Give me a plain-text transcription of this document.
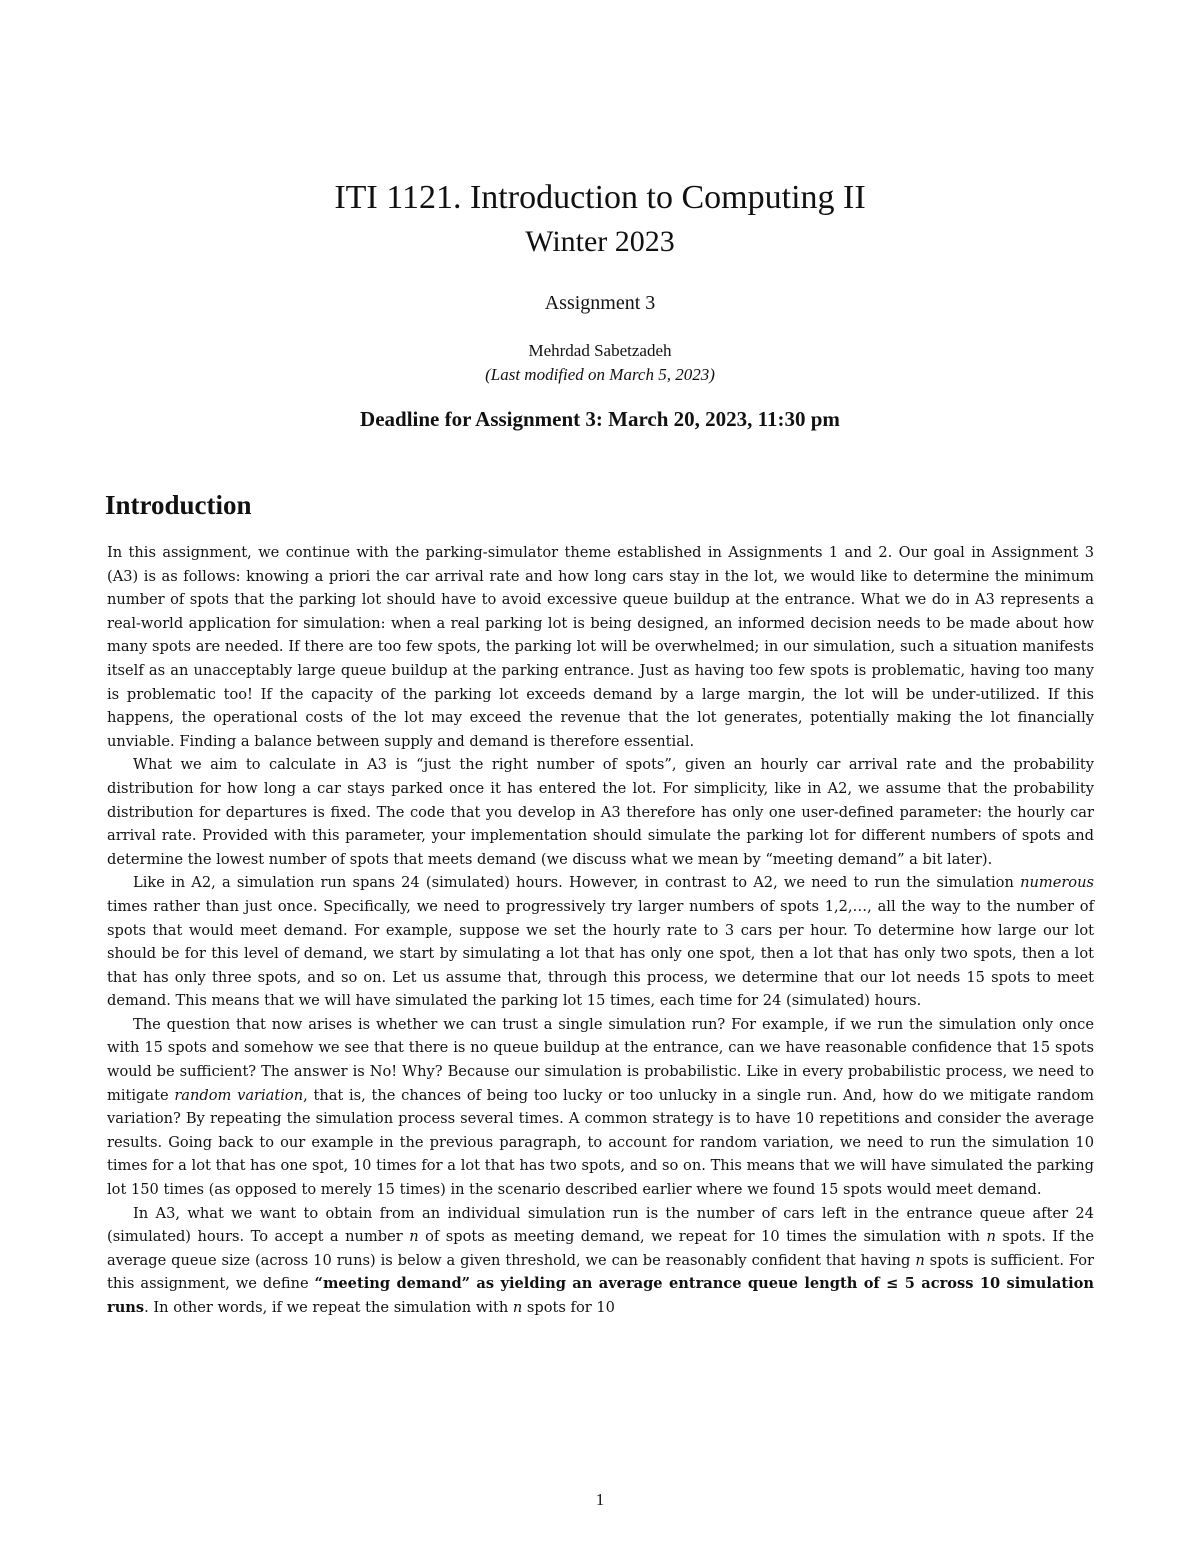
ITI 1121. Introduction to Computing II
Winter 2023
Assignment 3
Mehrdad Sabetzadeh
(Last modified on March 5, 2023)
Deadline for Assignment 3: March 20, 2023, 11:30 pm
Introduction

In this assignment, we continue with the parking-simulator theme established in Assignments 1 and 2. Our goal in Assignment 3 (A3) is as follows: knowing a priori the car arrival rate and how long cars stay in the lot, we would like to determine the minimum number of spots that the parking lot should have to avoid excessive queue buildup at the entrance. What we do in A3 represents a real-world application for simulation: when a real parking lot is being designed, an informed decision needs to be made about how many spots are needed. If there are too few spots, the parking lot will be overwhelmed; in our simulation, such a situation manifests itself as an unacceptably large queue buildup at the parking entrance. Just as having too few spots is problematic, having too many is problematic too! If the capacity of the parking lot exceeds demand by a large margin, the lot will be under-utilized. If this happens, the operational costs of the lot may exceed the revenue that the lot generates, potentially making the lot financially unviable. Finding a balance between supply and demand is therefore essential.

What we aim to calculate in A3 is “just the right number of spots”, given an hourly car arrival rate and the probability distribution for how long a car stays parked once it has entered the lot. For simplicity, like in A2, we assume that the probability distribution for departures is fixed. The code that you develop in A3 therefore has only one user-defined parameter: the hourly car arrival rate. Provided with this parameter, your implementation should simulate the parking lot for different numbers of spots and determine the lowest number of spots that meets demand (we discuss what we mean by “meeting demand” a bit later).

Like in A2, a simulation run spans 24 (simulated) hours. However, in contrast to A2, we need to run the simulation numerous times rather than just once. Specifically, we need to progressively try larger numbers of spots 1,2,…, all the way to the number of spots that would meet demand. For example, suppose we set the hourly rate to 3 cars per hour. To determine how large our lot should be for this level of demand, we start by simulating a lot that has only one spot, then a lot that has only two spots, then a lot that has only three spots, and so on. Let us assume that, through this process, we determine that our lot needs 15 spots to meet demand. This means that we will have simulated the parking lot 15 times, each time for 24 (simulated) hours.

The question that now arises is whether we can trust a single simulation run? For example, if we run the simulation only once with 15 spots and somehow we see that there is no queue buildup at the entrance, can we have reasonable confidence that 15 spots would be sufficient? The answer is No! Why? Because our simulation is probabilistic. Like in every probabilistic process, we need to mitigate random variation, that is, the chances of being too lucky or too unlucky in a single run. And, how do we mitigate random variation? By repeating the simulation process several times. A common strategy is to have 10 repetitions and consider the average results. Going back to our example in the previous paragraph, to account for random variation, we need to run the simulation 10 times for a lot that has one spot, 10 times for a lot that has two spots, and so on. This means that we will have simulated the parking lot 150 times (as opposed to merely 15 times) in the scenario described earlier where we found 15 spots would meet demand.

In A3, what we want to obtain from an individual simulation run is the number of cars left in the entrance queue after 24 (simulated) hours. To accept a number n of spots as meeting demand, we repeat for 10 times the simulation with n spots. If the average queue size (across 10 runs) is below a given threshold, we can be reasonably confident that having n spots is sufficient. For this assignment, we define “meeting demand” as yielding an average entrance queue length of ≤ 5 across 10 simulation runs. In other words, if we repeat the simulation with n spots for 10

1
